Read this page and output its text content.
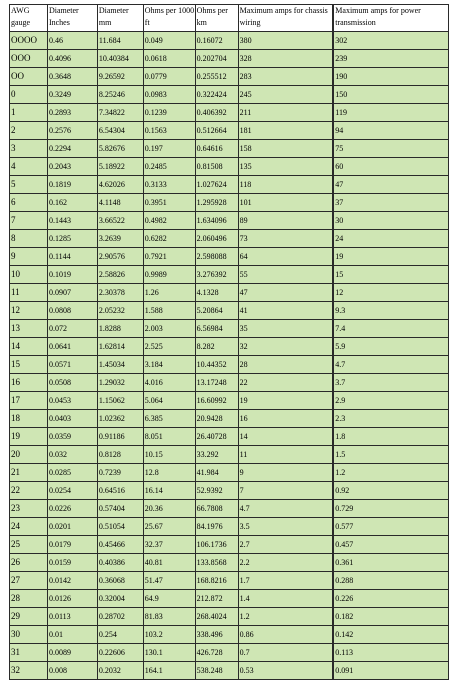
AWG gauge	Diameter Inches	Diameter mm	Ohms per 1000 ft	Ohms per km	Maximum amps for chassis wiring		Maximum amps for power transmission
OOOO	0.46	11.684	0.049	0.16072	380		302
OOO	0.4096	10.40384	0.0618	0.202704	328		239
OO	0.3648	9.26592	0.0779	0.255512	283		190
0	0.3249	8.25246	0.0983	0.322424	245		150
1	0.2893	7.34822	0.1239	0.406392	211		119
2	0.2576	6.54304	0.1563	0.512664	181		94
3	0.2294	5.82676	0.197	0.64616	158		75
4	0.2043	5.18922	0.2485	0.81508	135		60
5	0.1819	4.62026	0.3133	1.027624	118		47
6	0.162	4.1148	0.3951	1.295928	101		37
7	0.1443	3.66522	0.4982	1.634096	89		30
8	0.1285	3.2639	0.6282	2.060496	73		24
9	0.1144	2.90576	0.7921	2.598088	64		19
10	0.1019	2.58826	0.9989	3.276392	55		15
11	0.0907	2.30378	1.26	4.1328	47		12
12	0.0808	2.05232	1.588	5.20864	41		9.3
13	0.072	1.8288	2.003	6.56984	35		7.4
14	0.0641	1.62814	2.525	8.282	32		5.9
15	0.0571	1.45034	3.184	10.44352	28		4.7
16	0.0508	1.29032	4.016	13.17248	22		3.7
17	0.0453	1.15062	5.064	16.60992	19		2.9
18	0.0403	1.02362	6.385	20.9428	16		2.3
19	0.0359	0.91186	8.051	26.40728	14		1.8
20	0.032	0.8128	10.15	33.292	11		1.5
21	0.0285	0.7239	12.8	41.984	9		1.2
22	0.0254	0.64516	16.14	52.9392	7		0.92
23	0.0226	0.57404	20.36	66.7808	4.7		0.729
24	0.0201	0.51054	25.67	84.1976	3.5		0.577
25	0.0179	0.45466	32.37	106.1736	2.7		0.457
26	0.0159	0.40386	40.81	133.8568	2.2		0.361
27	0.0142	0.36068	51.47	168.8216	1.7		0.288
28	0.0126	0.32004	64.9	212.872	1.4		0.226
29	0.0113	0.28702	81.83	268.4024	1.2		0.182
30	0.01	0.254	103.2	338.496	0.86		0.142
31	0.0089	0.22606	130.1	426.728	0.7		0.113
32	0.008	0.2032	164.1	538.248	0.53		0.091
